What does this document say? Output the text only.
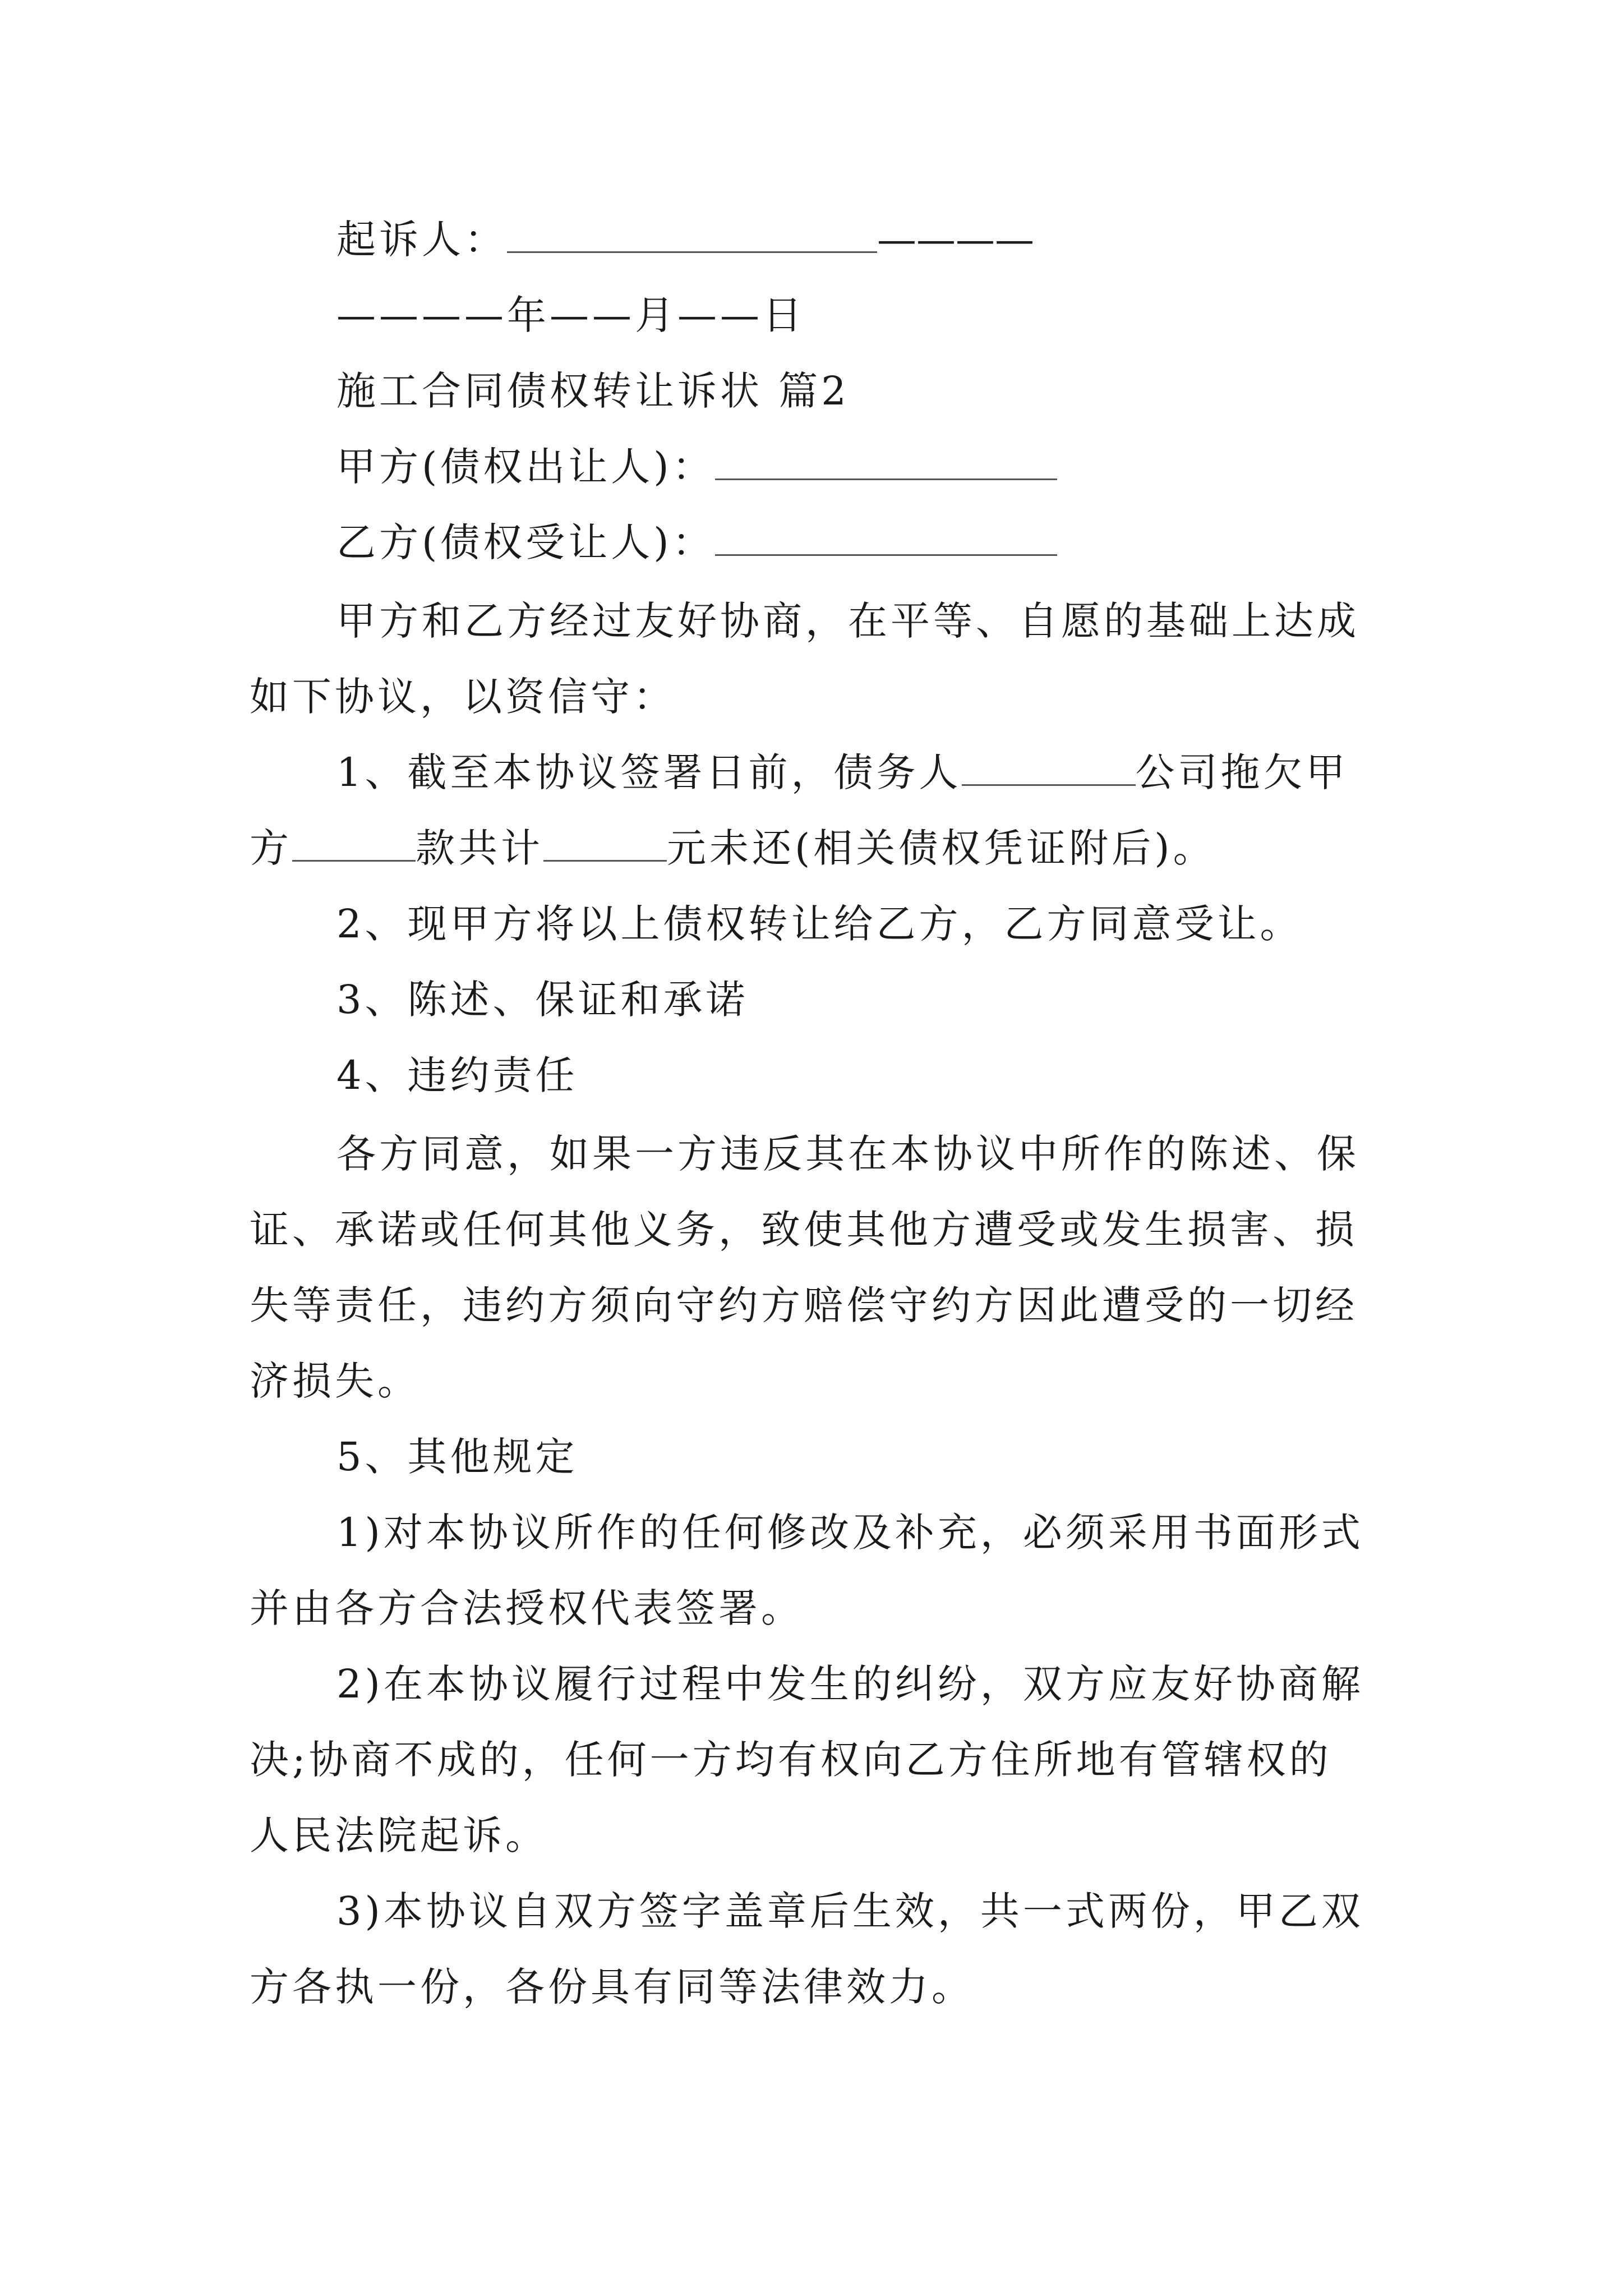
起诉人：	————
————年——月——日
施工合同债权转让诉状 篇2
甲方(债权出让人)：
乙方(债权受让人)：
甲方和乙方经过友好协商，在平等、自愿的基础上达成
如下协议，以资信守：
1、截至本协议签署日前，债务人	公司拖欠甲
方	款共计	元未还(相关债权凭证附后)。
2、现甲方将以上债权转让给乙方，乙方同意受让。
3、陈述、保证和承诺
4、违约责任
各方同意，如果一方违反其在本协议中所作的陈述、保
证、承诺或任何其他义务，致使其他方遭受或发生损害、损
失等责任，违约方须向守约方赔偿守约方因此遭受的一切经
济损失。
5、其他规定
1)对本协议所作的任何修改及补充，必须采用书面形式
并由各方合法授权代表签署。
2)在本协议履行过程中发生的纠纷，双方应友好协商解
决;协商不成的，任何一方均有权向乙方住所地有管辖权的
人民法院起诉。
3)本协议自双方签字盖章后生效，共一式两份，甲乙双
方各执一份，各份具有同等法律效力。
